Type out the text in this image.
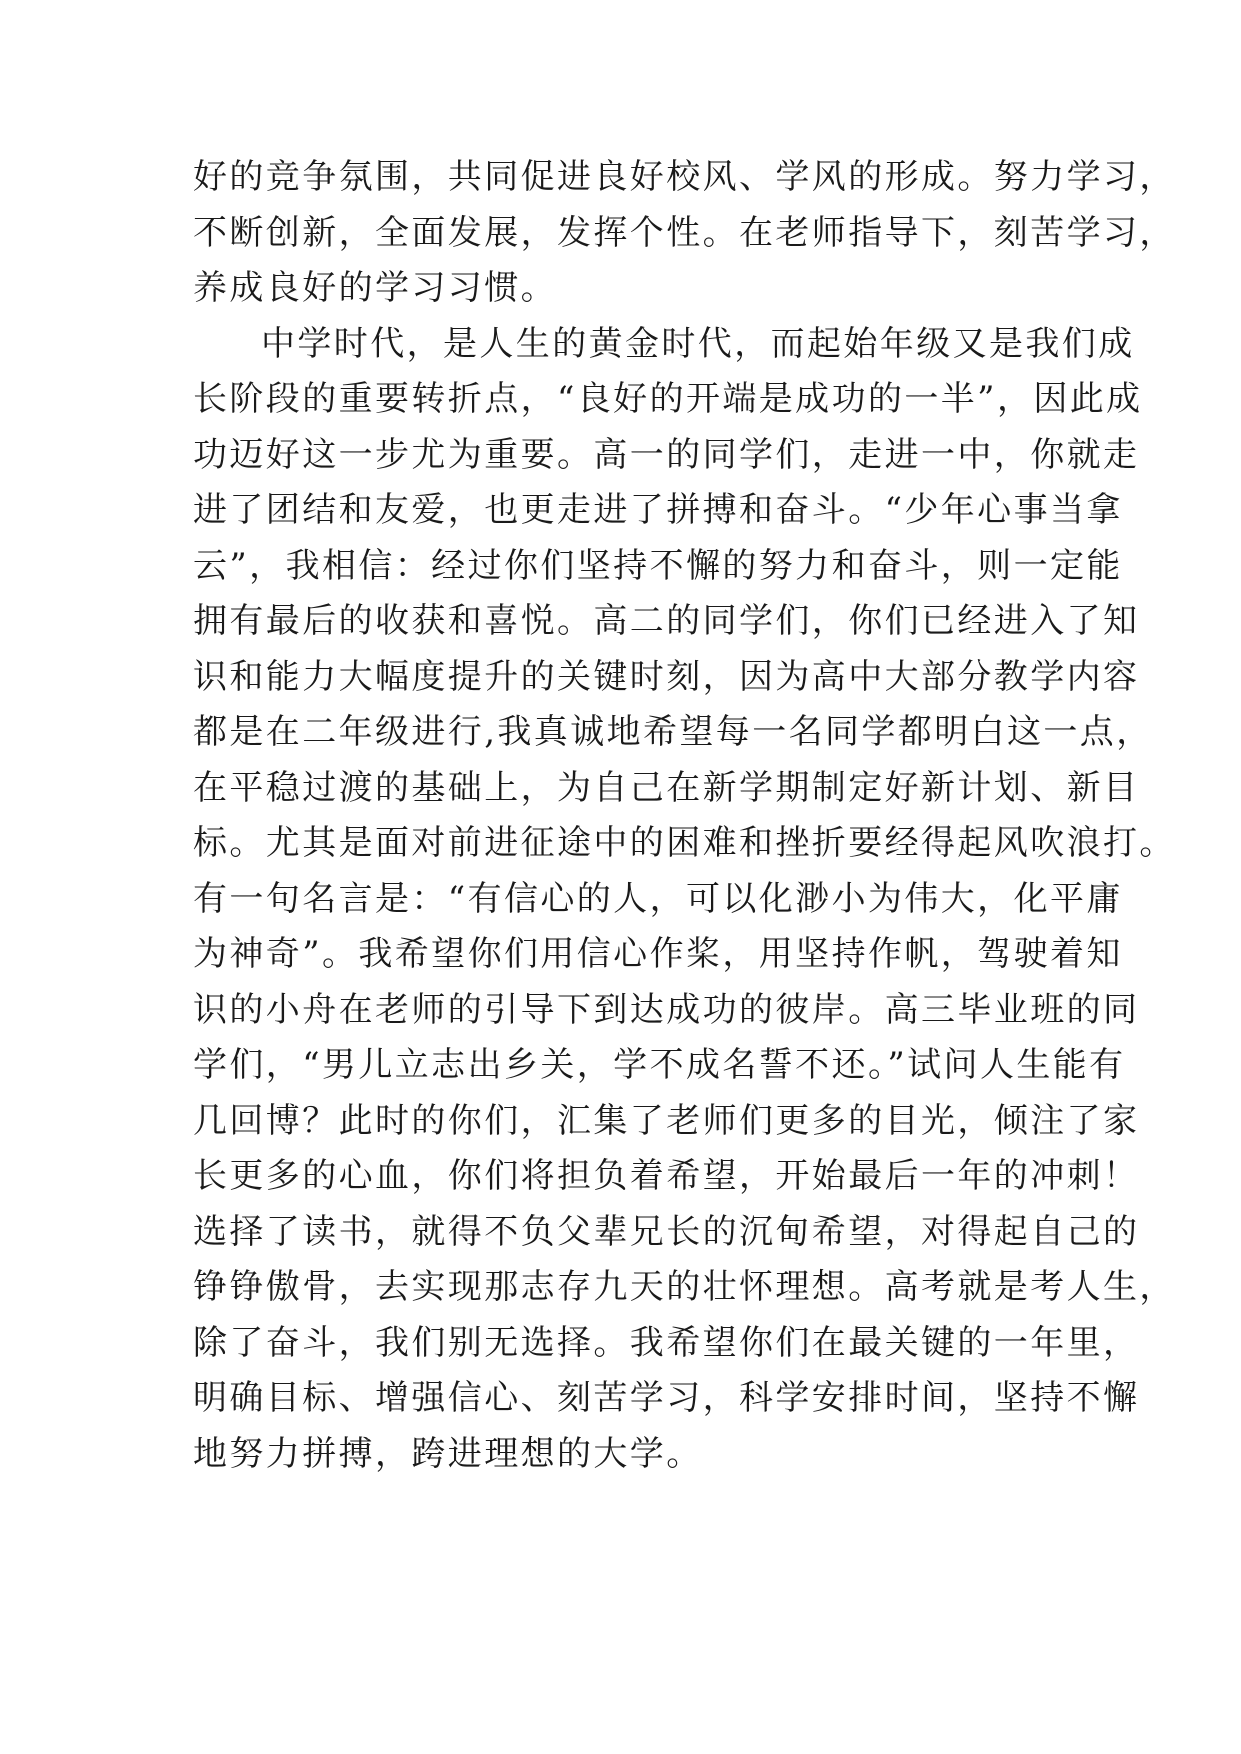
好的竞争氛围，共同促进良好校风、学风的形成。努力学习，
不断创新，全面发展，发挥个性。在老师指导下，刻苦学习，
养成良好的学习习惯。
中学时代，是人生的黄金时代，而起始年级又是我们成
长阶段的重要转折点，“良好的开端是成功的一半”，因此成
功迈好这一步尤为重要。高一的同学们，走进一中，你就走
进了团结和友爱，也更走进了拼搏和奋斗。“少年心事当拿
云”，我相信：经过你们坚持不懈的努力和奋斗，则一定能
拥有最后的收获和喜悦。高二的同学们，你们已经进入了知
识和能力大幅度提升的关键时刻，因为高中大部分教学内容
都是在二年级进行,我真诚地希望每一名同学都明白这一点，
在平稳过渡的基础上，为自己在新学期制定好新计划、新目
标。尤其是面对前进征途中的困难和挫折要经得起风吹浪打。
有一句名言是：“有信心的人，可以化渺小为伟大，化平庸
为神奇”。我希望你们用信心作桨，用坚持作帆，驾驶着知
识的小舟在老师的引导下到达成功的彼岸。高三毕业班的同
学们，“男儿立志出乡关，学不成名誓不还。”试问人生能有
几回博？此时的你们，汇集了老师们更多的目光，倾注了家
长更多的心血，你们将担负着希望，开始最后一年的冲刺！
选择了读书，就得不负父辈兄长的沉甸希望，对得起自己的
铮铮傲骨，去实现那志存九天的壮怀理想。高考就是考人生，
除了奋斗，我们别无选择。我希望你们在最关键的一年里，
明确目标、增强信心、刻苦学习，科学安排时间，坚持不懈
地努力拼搏，跨进理想的大学。
